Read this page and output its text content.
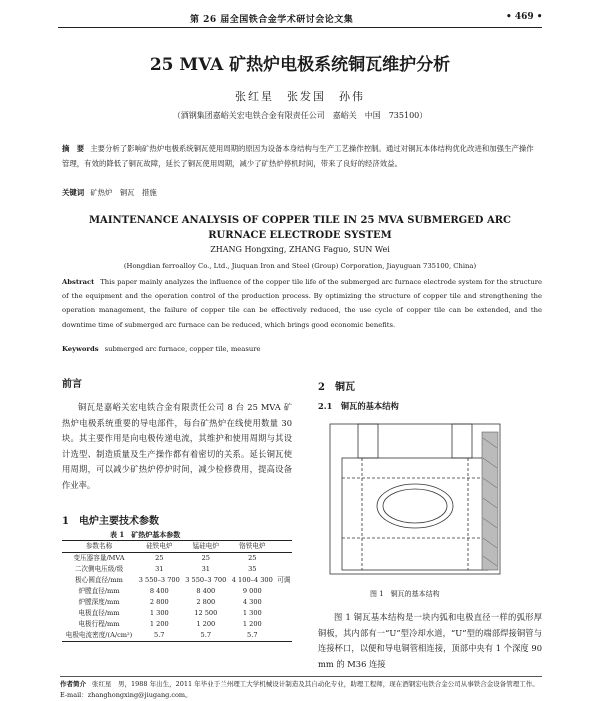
第 26 届全国铁合金学术研讨会论文集	• 469 •
25 MVA 矿热炉电极系统铜瓦维护分析
张红星　张发国　孙伟
（酒钢集团嘉峪关宏电铁合金有限责任公司　嘉峪关　中国　735100）
摘　要 主要分析了影响矿热炉电极系统铜瓦使用周期的原因为设备本身结构与生产工艺操作控制。通过对铜瓦本体结构优化改进和加强生产操作管理，有效的降低了铜瓦故障，延长了铜瓦使用周期，减少了矿热炉停机时间，带来了良好的经济效益。
关键词 矿热炉　铜瓦　措施
MAINTENANCE ANALYSIS OF COPPER TILE IN 25 MVA SUBMERGED ARC
RURNACE ELECTRODE SYSTEM
ZHANG Hongxing, ZHANG Faguo, SUN Wei
(Hongdian ferroalloy Co., Ltd., Jiuquan Iron and Steel (Group) Corporation, Jiayuguan 735100, China)
Abstract This paper mainly analyzes the influence of the copper tile life of the submerged arc furnace electrode system for the structure of the equipment and the operation control of the production process. By optimizing the structure of copper tile and strengthening the operation management, the failure of copper tile can be effectively reduced, the use cycle of copper tile can be extended, and the downtime time of submerged arc furnace can be reduced, which brings good economic benefits.
Keywords submerged arc furnace, copper tile, measure
前言
铜瓦是嘉峪关宏电铁合金有限责任公司 8 台 25 MVA 矿热炉电极系统重要的导电部件，每台矿热炉在线使用数量 30 块。其主要作用是向电极传递电流，其维护和使用周期与其设计选型、制造质量及生产操作都有着密切的关系。延长铜瓦使用周期，可以减少矿热炉停炉时间，减少检修费用，提高设备作业率。
1　电炉主要技术参数
表 1　矿热炉基本参数
参数名称	硅铁电炉	锰硅电炉	铬铁电炉	
变压器容量/MVA	25	25	25	
二次侧电压级/级	31	31	35	
极心圆直径/mm	3 550–3 700	3 550–3 700	4 100–4 300	可调
炉膛直径/mm	8 400	8 400	9 000	
炉膛深度/mm	2 800	2 800	4 300	
电极直径/mm	1 300	12 500	1 300	
电极行程/mm	1 200	1 200	1 200	
电极电流密度/(A/cm²)	5.7	5.7	5.7	
2　铜瓦
2.1　铜瓦的基本结构
图 1　铜瓦的基本结构
图 1 铜瓦基本结构是一块内弧和电极直径一样的弧形厚铜板，其内部有一“U”型冷却水道，“U”型的端部焊接铜管与连接杯口，以便和导电铜管相连接，顶部中央有 1 个深度 90 mm 的 M36 连接
作者简介 张红星　男，1988 年出生，2011 年毕业于兰州理工大学机械设计制造及其自动化专业，助理工程师，现在酒钢宏电铁合金公司从事铁合金设备管理工作。E-mail：zhanghongxing@jiugang.com。
